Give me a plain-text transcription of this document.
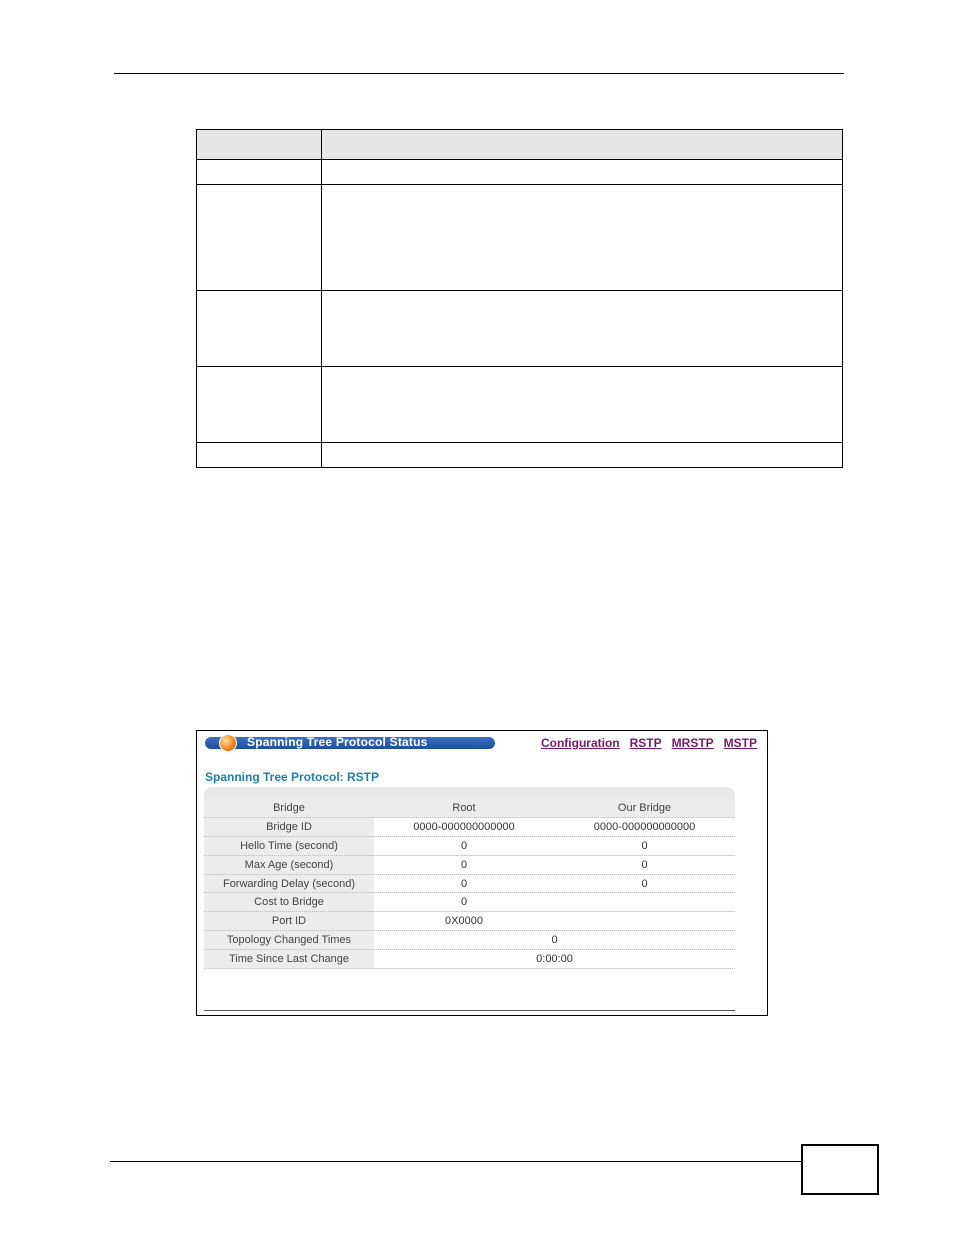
Spanning Tree Protocol Status	Configuration RSTP MRSTP MSTP
Spanning Tree Protocol: RSTP
Bridge	Root	Our Bridge
Bridge ID	0000-000000000000	0000-000000000000
Hello Time (second)	0	0
Max Age (second)	0	0
Forwarding Delay (second)	0	0
Cost to Bridge	0
Port ID	0X0000
Topology Changed Times	0
Time Since Last Change	0:00:00
